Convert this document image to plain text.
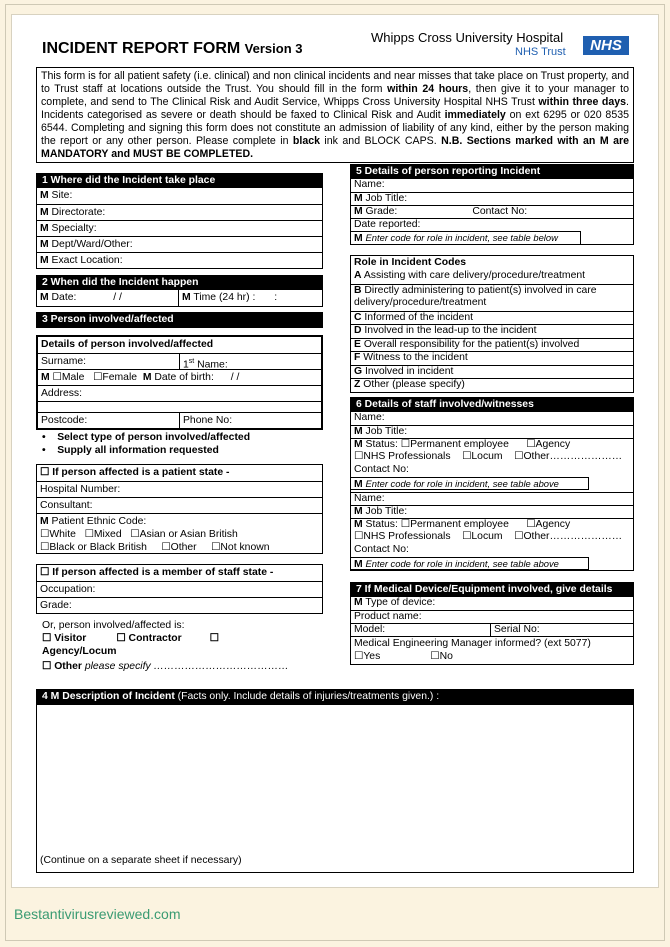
INCIDENT REPORT FORM Version 3
Whipps Cross University Hospital
NHS Trust	NHS
This form is for all patient safety (i.e. clinical) and non clinical incidents and near misses that take place on Trust property, and to Trust staff at locations outside the Trust. You should fill in the form within 24 hours, then give it to your manager to complete, and send to The Clinical Risk and Audit Service, Whipps Cross University Hospital NHS Trust within three days. Incidents categorised as severe or death should be faxed to Clinical Risk and Audit immediately on ext 6295 or 020 8535 6544. Completing and signing this form does not constitute an admission of liability of any kind, either by the person making the report or any other person. Please complete in black ink and BLOCK CAPS. N.B. Sections marked with an M are MANDATORY and MUST BE COMPLETED.
1 Where did the Incident take place
M Site:
M Directorate:
M Specialty:
M Dept/Ward/Other:
M Exact Location:
2 When did the Incident happen
M Date:	/ /	M Time (24 hr) : :
3 Person involved/affected
Details of person involved/affected
Surname:	1st Name:
M ☐Male ☐Female M Date of birth: / /
Address:
Postcode:	Phone No:
•    Select type of person involved/affected
•    Supply all information requested
☐ If person affected is a patient state -
Hospital Number:
Consultant:
M Patient Ethnic Code:
☐White ☐Mixed ☐Asian or Asian British
☐Black or Black British ☐Other ☐Not known
☐ If person affected is a member of staff state -
Occupation:
Grade:
Or, person involved/affected is:
☐ Visitor	☐ Contractor	☐
Agency/Locum
☐ Other please specify …………………………………
4 M Description of Incident (Facts only. Include details of injuries/treatments given.) :
(Continue on a separate sheet if necessary)
5 Details of person reporting Incident
Name:
M Job Title:
M Grade:	Contact No:
Date reported:
M Enter code for role in incident, see table below
Role in Incident Codes
A Assisting with care delivery/procedure/treatment
B Directly administering to patient(s) involved in care
delivery/procedure/treatment
C Informed of the incident
D Involved in the lead-up to the incident
E Overall responsibility for the patient(s) involved
F Witness to the incident
G Involved in incident
Z Other (please specify)
6 Details of staff involved/witnesses
Name:
M Job Title:
M Status: ☐Permanent employee ☐Agency
☐NHS Professionals ☐Locum ☐Other…………………
Contact No:
M Enter code for role in incident, see table above
Name:
M Job Title:
M Status: ☐Permanent employee ☐Agency
☐NHS Professionals ☐Locum ☐Other…………………
Contact No:
M Enter code for role in incident, see table above
7 If Medical Device/Equipment involved, give details
M Type of device:
Product name:
Model:	Serial No:
Medical Engineering Manager informed? (ext 5077)
☐Yes	☐No
Bestantivirusreviewed.com
